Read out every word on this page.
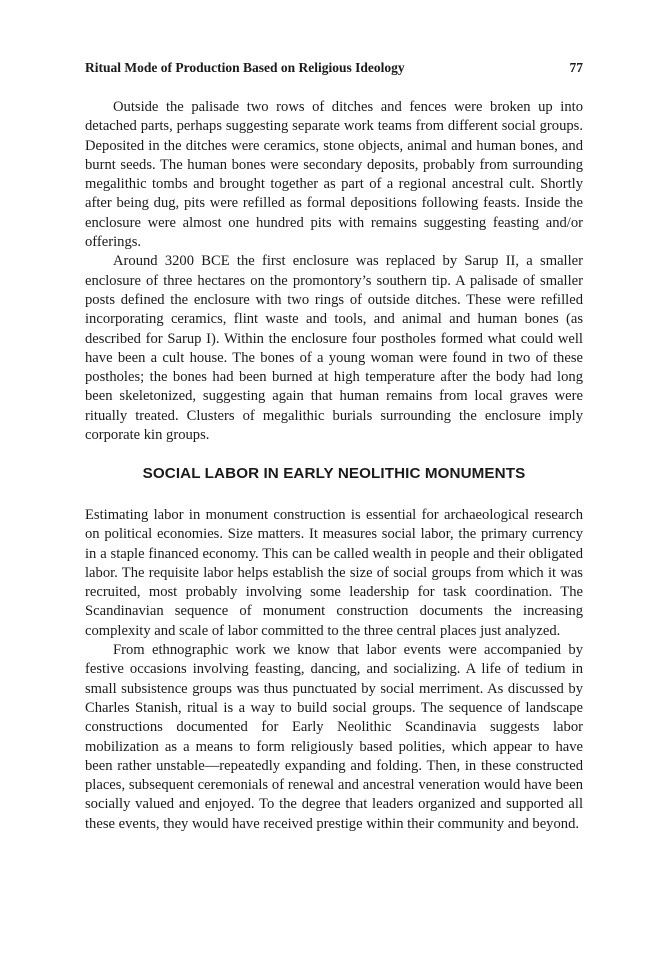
Ritual Mode of Production Based on Religious Ideology	77

Outside the palisade two rows of ditches and fences were broken up into detached parts, perhaps suggesting separate work teams from different social groups. Deposited in the ditches were ceramics, stone objects, animal and human bones, and burnt seeds. The human bones were secondary deposits, probably from surrounding megalithic tombs and brought together as part of a regional ancestral cult. Shortly after being dug, pits were refilled as formal depositions following feasts. Inside the enclosure were almost one hundred pits with remains suggesting feasting and/or offerings.

Around 3200 BCE the first enclosure was replaced by Sarup II, a smaller enclosure of three hectares on the promontory’s southern tip. A palisade of smaller posts defined the enclosure with two rings of outside ditches. These were refilled incorporating ceramics, flint waste and tools, and animal and human bones (as described for Sarup I). Within the enclosure four postholes formed what could well have been a cult house. The bones of a young woman were found in two of these postholes; the bones had been burned at high temperature after the body had long been skeletonized, suggesting again that human remains from local graves were ritually treated. Clusters of megalithic burials surrounding the enclosure imply corporate kin groups.

SOCIAL LABOR IN EARLY NEOLITHIC MONUMENTS

Estimating labor in monument construction is essential for archaeological research on political economies. Size matters. It measures social labor, the primary currency in a staple financed economy. This can be called wealth in people and their obligated labor. The requisite labor helps establish the size of social groups from which it was recruited, most probably involving some leadership for task coordination. The Scandinavian sequence of monument construction documents the increasing complexity and scale of labor committed to the three central places just analyzed.

From ethnographic work we know that labor events were accompanied by festive occasions involving feasting, dancing, and socializing. A life of tedium in small subsistence groups was thus punctuated by social merriment. As discussed by Charles Stanish, ritual is a way to build social groups. The sequence of landscape constructions documented for Early Neolithic Scandinavia suggests labor mobilization as a means to form religiously based polities, which appear to have been rather unstable—repeatedly expanding and folding. Then, in these constructed places, subsequent ceremonials of renewal and ancestral veneration would have been socially valued and enjoyed. To the degree that leaders organized and supported all these events, they would have received prestige within their community and beyond.
